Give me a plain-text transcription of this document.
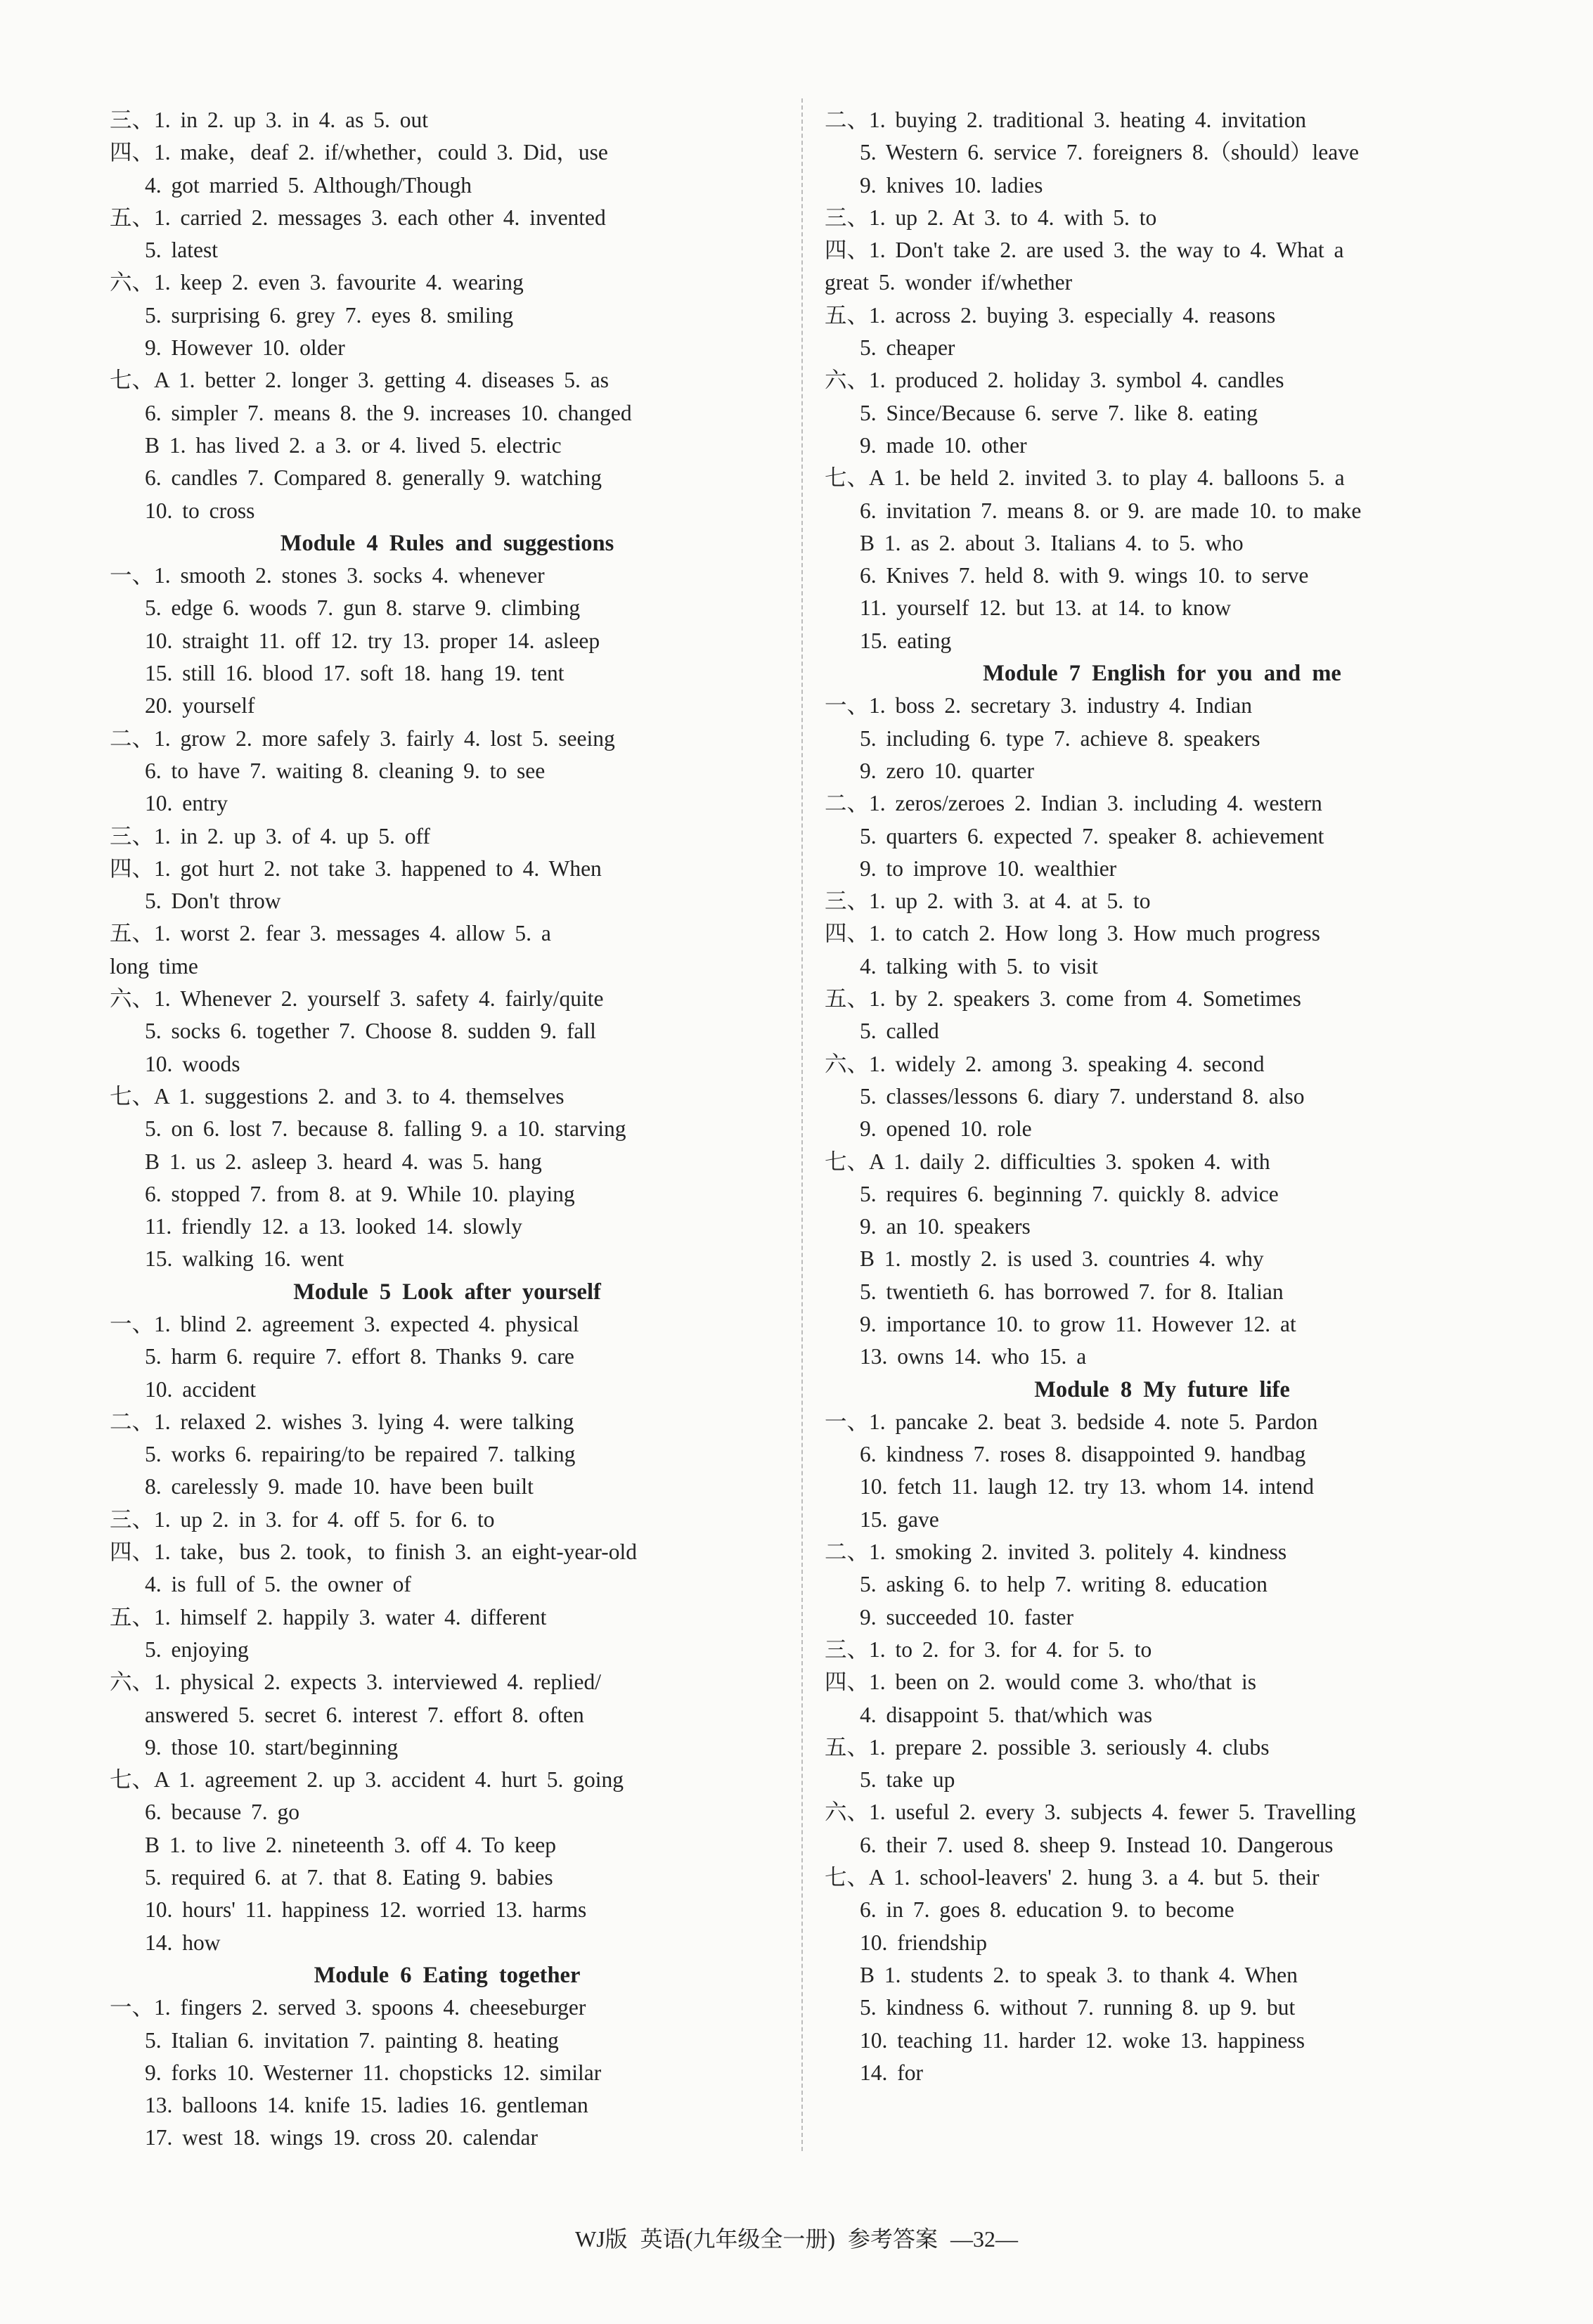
三、1. in 2. up 3. in 4. as 5. out
四、1. make，deaf 2. if/whether，could 3. Did，use
4. got married 5. Although/Though
五、1. carried 2. messages 3. each other 4. invented
5. latest
六、1. keep 2. even 3. favourite 4. wearing
5. surprising 6. grey 7. eyes 8. smiling
9. However 10. older
七、A 1. better 2. longer 3. getting 4. diseases 5. as
6. simpler 7. means 8. the 9. increases 10. changed
B 1. has lived 2. a 3. or 4. lived 5. electric
6. candles 7. Compared 8. generally 9. watching
10. to cross
Module 4 Rules and suggestions
一、1. smooth 2. stones 3. socks 4. whenever
5. edge 6. woods 7. gun 8. starve 9. climbing
10. straight 11. off 12. try 13. proper 14. asleep
15. still 16. blood 17. soft 18. hang 19. tent
20. yourself
二、1. grow 2. more safely 3. fairly 4. lost 5. seeing
6. to have 7. waiting 8. cleaning 9. to see
10. entry
三、1. in 2. up 3. of 4. up 5. off
四、1. got hurt 2. not take 3. happened to 4. When
5. Don't throw
五、1. worst 2. fear 3. messages 4. allow 5. a
long time
六、1. Whenever 2. yourself 3. safety 4. fairly/quite
5. socks 6. together 7. Choose 8. sudden 9. fall
10. woods
七、A 1. suggestions 2. and 3. to 4. themselves
5. on 6. lost 7. because 8. falling 9. a 10. starving
B 1. us 2. asleep 3. heard 4. was 5. hang
6. stopped 7. from 8. at 9. While 10. playing
11. friendly 12. a 13. looked 14. slowly
15. walking 16. went
Module 5 Look after yourself
一、1. blind 2. agreement 3. expected 4. physical
5. harm 6. require 7. effort 8. Thanks 9. care
10. accident
二、1. relaxed 2. wishes 3. lying 4. were talking
5. works 6. repairing/to be repaired 7. talking
8. carelessly 9. made 10. have been built
三、1. up 2. in 3. for 4. off 5. for 6. to
四、1. take，bus 2. took，to finish 3. an eight-year-old
4. is full of 5. the owner of
五、1. himself 2. happily 3. water 4. different
5. enjoying
六、1. physical 2. expects 3. interviewed 4. replied/
answered 5. secret 6. interest 7. effort 8. often
9. those 10. start/beginning
七、A 1. agreement 2. up 3. accident 4. hurt 5. going
6. because 7. go
B 1. to live 2. nineteenth 3. off 4. To keep
5. required 6. at 7. that 8. Eating 9. babies
10. hours' 11. happiness 12. worried 13. harms
14. how
Module 6 Eating together
一、1. fingers 2. served 3. spoons 4. cheeseburger
5. Italian 6. invitation 7. painting 8. heating
9. forks 10. Westerner 11. chopsticks 12. similar
13. balloons 14. knife 15. ladies 16. gentleman
17. west 18. wings 19. cross 20. calendar
二、1. buying 2. traditional 3. heating 4. invitation
5. Western 6. service 7. foreigners 8.（should）leave
9. knives 10. ladies
三、1. up 2. At 3. to 4. with 5. to
四、1. Don't take 2. are used 3. the way to 4. What a
great 5. wonder if/whether
五、1. across 2. buying 3. especially 4. reasons
5. cheaper
六、1. produced 2. holiday 3. symbol 4. candles
5. Since/Because 6. serve 7. like 8. eating
9. made 10. other
七、A 1. be held 2. invited 3. to play 4. balloons 5. a
6. invitation 7. means 8. or 9. are made 10. to make
B 1. as 2. about 3. Italians 4. to 5. who
6. Knives 7. held 8. with 9. wings 10. to serve
11. yourself 12. but 13. at 14. to know
15. eating
Module 7 English for you and me
一、1. boss 2. secretary 3. industry 4. Indian
5. including 6. type 7. achieve 8. speakers
9. zero 10. quarter
二、1. zeros/zeroes 2. Indian 3. including 4. western
5. quarters 6. expected 7. speaker 8. achievement
9. to improve 10. wealthier
三、1. up 2. with 3. at 4. at 5. to
四、1. to catch 2. How long 3. How much progress
4. talking with 5. to visit
五、1. by 2. speakers 3. come from 4. Sometimes
5. called
六、1. widely 2. among 3. speaking 4. second
5. classes/lessons 6. diary 7. understand 8. also
9. opened 10. role
七、A 1. daily 2. difficulties 3. spoken 4. with
5. requires 6. beginning 7. quickly 8. advice
9. an 10. speakers
B 1. mostly 2. is used 3. countries 4. why
5. twentieth 6. has borrowed 7. for 8. Italian
9. importance 10. to grow 11. However 12. at
13. owns 14. who 15. a
Module 8 My future life
一、1. pancake 2. beat 3. bedside 4. note 5. Pardon
6. kindness 7. roses 8. disappointed 9. handbag
10. fetch 11. laugh 12. try 13. whom 14. intend
15. gave
二、1. smoking 2. invited 3. politely 4. kindness
5. asking 6. to help 7. writing 8. education
9. succeeded 10. faster
三、1. to 2. for 3. for 4. for 5. to
四、1. been on 2. would come 3. who/that is
4. disappoint 5. that/which was
五、1. prepare 2. possible 3. seriously 4. clubs
5. take up
六、1. useful 2. every 3. subjects 4. fewer 5. Travelling
6. their 7. used 8. sheep 9. Instead 10. Dangerous
七、A 1. school-leavers' 2. hung 3. a 4. but 5. their
6. in 7. goes 8. education 9. to become
10. friendship
B 1. students 2. to speak 3. to thank 4. When
5. kindness 6. without 7. running 8. up 9. but
10. teaching 11. harder 12. woke 13. happiness
14. for
WJ版 英语(九年级全一册) 参考答案 —32—
